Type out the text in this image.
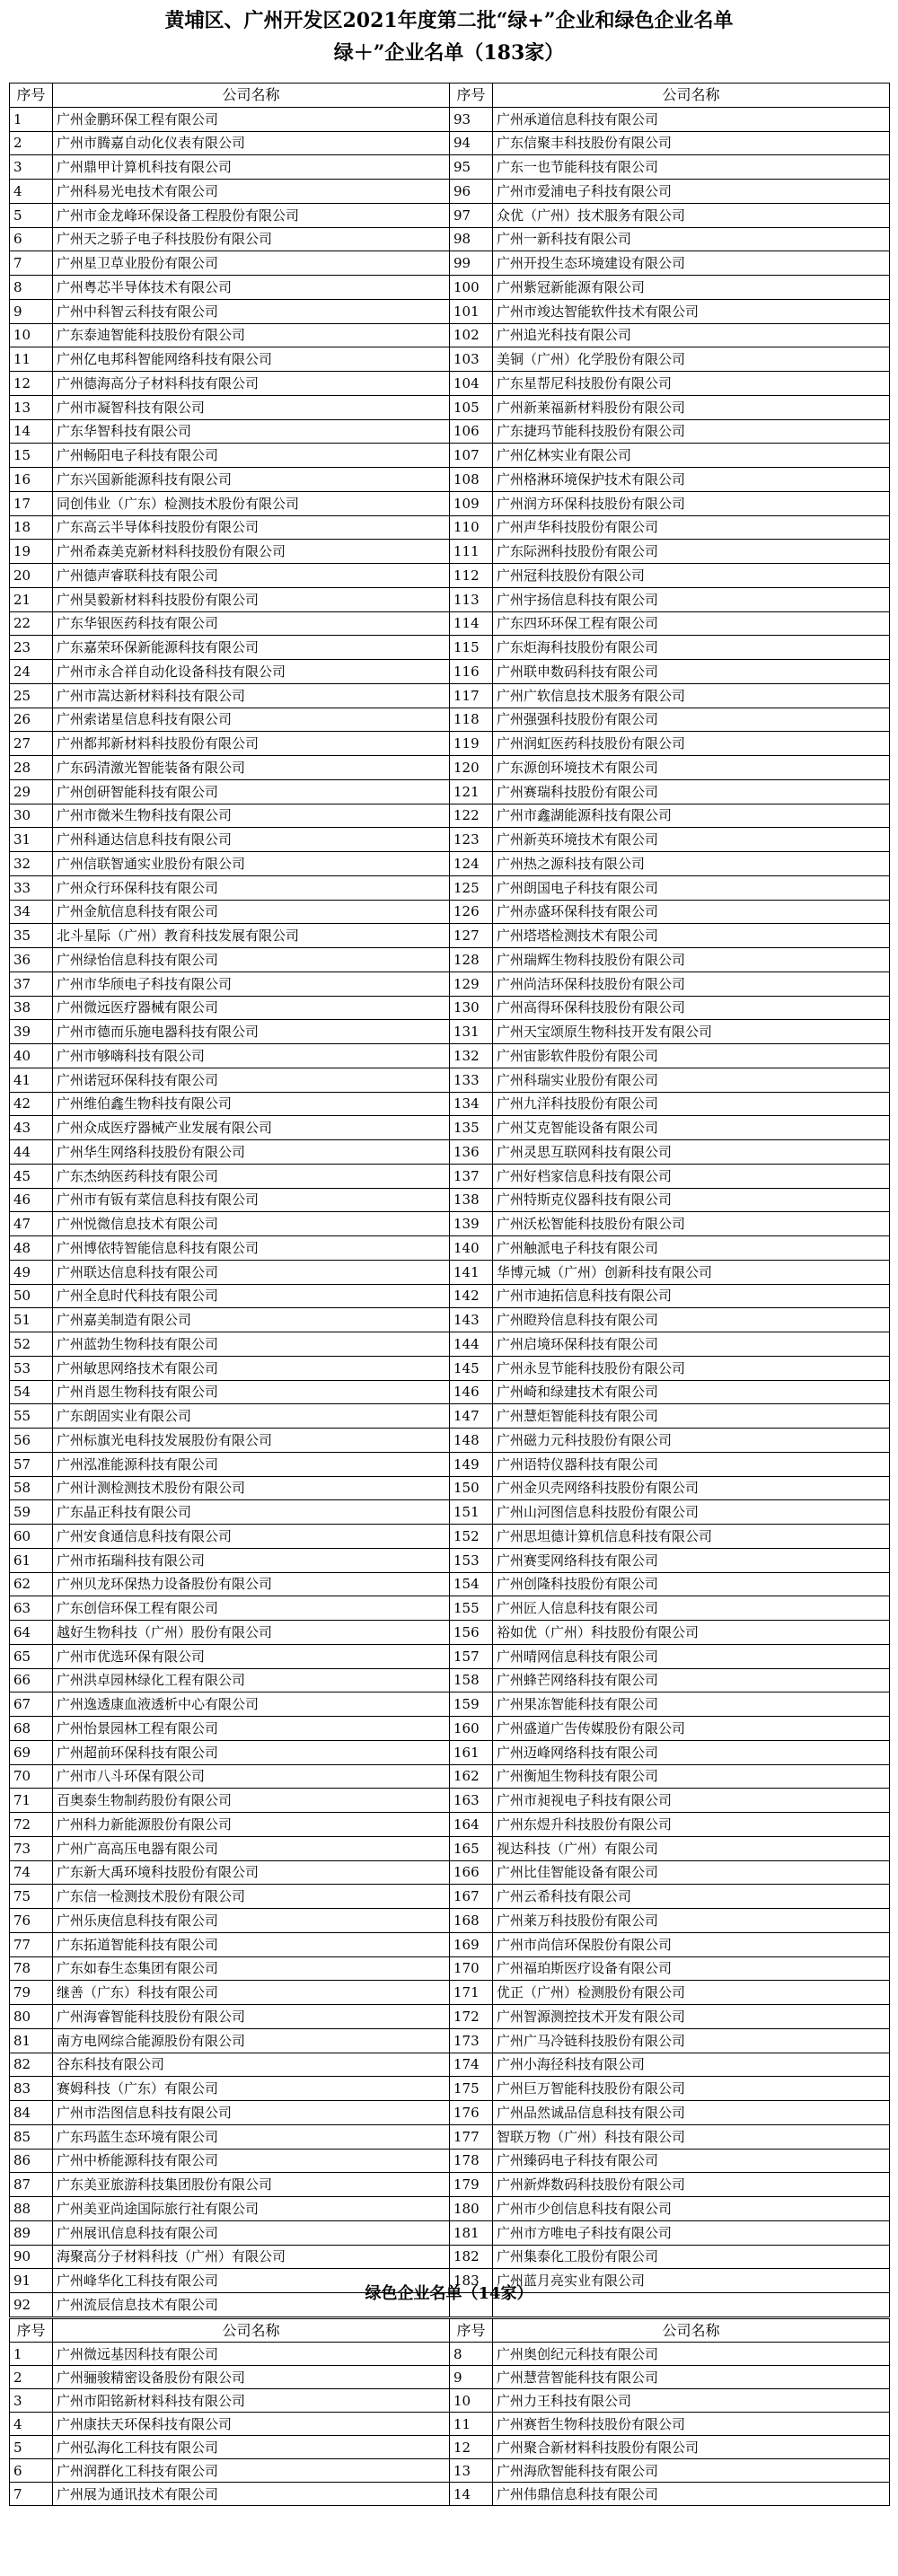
黄埔区、广州开发区2021年度第二批“绿+”企业和绿色企业名单
绿＋”企业名单（183家）
序号	公司名称	序号	公司名称
1	广州金鹏环保工程有限公司	93	广州承道信息科技有限公司
2	广州市腾嘉自动化仪表有限公司	94	广东信聚丰科技股份有限公司
3	广州鼎甲计算机科技有限公司	95	广东一也节能科技有限公司
4	广州科易光电技术有限公司	96	广州市爱浦电子科技有限公司
5	广州市金龙峰环保设备工程股份有限公司	97	众优（广州）技术服务有限公司
6	广州天之骄子电子科技股份有限公司	98	广州一新科技有限公司
7	广州星卫草业股份有限公司	99	广州开投生态环境建设有限公司
8	广州粤芯半导体技术有限公司	100	广州紫冠新能源有限公司
9	广州中科智云科技有限公司	101	广州市竣达智能软件技术有限公司
10	广东泰迪智能科技股份有限公司	102	广州追光科技有限公司
11	广州亿电邦科智能网络科技有限公司	103	美铜（广州）化学股份有限公司
12	广州德海高分子材料科技有限公司	104	广东星帮尼科技股份有限公司
13	广州市凝智科技有限公司	105	广州新莱福新材料股份有限公司
14	广东华智科技有限公司	106	广东捷玛节能科技股份有限公司
15	广州畅阳电子科技有限公司	107	广州亿林实业有限公司
16	广东兴国新能源科技有限公司	108	广州格淋环境保护技术有限公司
17	同创伟业（广东）检测技术股份有限公司	109	广州润方环保科技股份有限公司
18	广东高云半导体科技股份有限公司	110	广州声华科技股份有限公司
19	广州希森美克新材料科技股份有限公司	111	广东际洲科技股份有限公司
20	广州德声睿联科技有限公司	112	广州冠科技股份有限公司
21	广州昊毅新材料科技股份有限公司	113	广州宇扬信息科技有限公司
22	广东华银医药科技有限公司	114	广东四环环保工程有限公司
23	广东嘉荣环保新能源科技有限公司	115	广东炬海科技股份有限公司
24	广州市永合祥自动化设备科技有限公司	116	广州联申数码科技有限公司
25	广州市嵩达新材料科技有限公司	117	广州广软信息技术服务有限公司
26	广州索诺星信息科技有限公司	118	广州强强科技股份有限公司
27	广州都邦新材料科技股份有限公司	119	广州润虹医药科技股份有限公司
28	广东码清激光智能装备有限公司	120	广东源创环境技术有限公司
29	广州创研智能科技有限公司	121	广州赛瑞科技股份有限公司
30	广州市微米生物科技有限公司	122	广州市鑫湖能源科技有限公司
31	广州科通达信息科技有限公司	123	广州新英环境技术有限公司
32	广州信联智通实业股份有限公司	124	广州热之源科技有限公司
33	广州众行环保科技有限公司	125	广州朗国电子科技有限公司
34	广州金航信息科技有限公司	126	广州赤盛环保科技有限公司
35	北斗星际（广州）教育科技发展有限公司	127	广州塔塔检测技术有限公司
36	广州绿怡信息科技有限公司	128	广州瑞辉生物科技股份有限公司
37	广州市华颀电子科技有限公司	129	广州尚洁环保科技股份有限公司
38	广州微远医疗器械有限公司	130	广州高得环保科技股份有限公司
39	广州市德而乐施电器科技有限公司	131	广州天宝颂原生物科技开发有限公司
40	广州市够嗨科技有限公司	132	广州宙影软件股份有限公司
41	广州诺冠环保科技有限公司	133	广州科瑞实业股份有限公司
42	广州维伯鑫生物科技有限公司	134	广州九洋科技股份有限公司
43	广州众成医疗器械产业发展有限公司	135	广州艾克智能设备有限公司
44	广州华生网络科技股份有限公司	136	广州灵思互联网科技有限公司
45	广东杰纳医药科技有限公司	137	广州好档家信息科技有限公司
46	广州市有钣有菜信息科技有限公司	138	广州特斯克仪器科技有限公司
47	广州悦微信息技术有限公司	139	广州沃松智能科技股份有限公司
48	广州博依特智能信息科技有限公司	140	广州触派电子科技有限公司
49	广州联达信息科技有限公司	141	华博元城（广州）创新科技有限公司
50	广州全息时代科技有限公司	142	广州市迪拓信息科技有限公司
51	广州嘉美制造有限公司	143	广州瞪羚信息科技有限公司
52	广州蓝勃生物科技有限公司	144	广州启境环保科技有限公司
53	广州敏思网络技术有限公司	145	广州永昱节能科技股份有限公司
54	广州肖恩生物科技有限公司	146	广州崎和绿建技术有限公司
55	广东朗固实业有限公司	147	广州慧炬智能科技有限公司
56	广州标旗光电科技发展股份有限公司	148	广州磁力元科技股份有限公司
57	广州泓准能源科技有限公司	149	广州语特仪器科技有限公司
58	广州计测检测技术股份有限公司	150	广州金贝壳网络科技股份有限公司
59	广东晶正科技有限公司	151	广州山河图信息科技股份有限公司
60	广州安食通信息科技有限公司	152	广州思坦德计算机信息科技有限公司
61	广州市拓瑞科技有限公司	153	广州赛雯网络科技有限公司
62	广州贝龙环保热力设备股份有限公司	154	广州创隆科技股份有限公司
63	广东创信环保工程有限公司	155	广州匠人信息科技有限公司
64	越好生物科技（广州）股份有限公司	156	裕如优（广州）科技股份有限公司
65	广州市优选环保有限公司	157	广州晴网信息科技有限公司
66	广州洪卓园林绿化工程有限公司	158	广州蜂芒网络科技有限公司
67	广州逸透康血液透析中心有限公司	159	广州果冻智能科技有限公司
68	广州怡景园林工程有限公司	160	广州盛道广告传媒股份有限公司
69	广州超前环保科技有限公司	161	广州迈峰网络科技有限公司
70	广州市八斗环保有限公司	162	广州衡旭生物科技有限公司
71	百奥泰生物制药股份有限公司	163	广州市昶视电子科技有限公司
72	广州科力新能源股份有限公司	164	广州东煜升科技股份有限公司
73	广州广高高压电器有限公司	165	视达科技（广州）有限公司
74	广东新大禹环境科技股份有限公司	166	广州比佳智能设备有限公司
75	广东信一检测技术股份有限公司	167	广州云希科技有限公司
76	广州乐庚信息科技有限公司	168	广州莱万科技股份有限公司
77	广东拓道智能科技有限公司	169	广州市尚信环保股份有限公司
78	广东如春生态集团有限公司	170	广州福珀斯医疗设备有限公司
79	继善（广东）科技有限公司	171	优正（广州）检测股份有限公司
80	广州海睿智能科技股份有限公司	172	广州智源测控技术开发有限公司
81	南方电网综合能源股份有限公司	173	广州广马冷链科技股份有限公司
82	谷东科技有限公司	174	广州小海径科技有限公司
83	赛姆科技（广东）有限公司	175	广州巨万智能科技股份有限公司
84	广州市浩图信息科技有限公司	176	广州品然诚品信息科技有限公司
85	广东玛蓝生态环境有限公司	177	智联万物（广州）科技有限公司
86	广州中桥能源科技有限公司	178	广州臻码电子科技有限公司
87	广东美亚旅游科技集团股份有限公司	179	广州新烨数码科技股份有限公司
88	广州美亚尚途国际旅行社有限公司	180	广州市少创信息科技有限公司
89	广州展讯信息科技有限公司	181	广州市方唯电子科技有限公司
90	海聚高分子材料科技（广州）有限公司	182	广州集泰化工股份有限公司
91	广州峰华化工科技有限公司	183	广州蓝月亮实业有限公司
92	广州流辰信息技术有限公司		
绿色企业名单（14家）
序号	公司名称	序号	公司名称
1	广州微远基因科技有限公司	8	广州奥创纪元科技有限公司
2	广州骊骏精密设备股份有限公司	9	广州慧营智能科技有限公司
3	广州市阳铭新材料科技有限公司	10	广州力王科技有限公司
4	广州康扶天环保科技有限公司	11	广州赛哲生物科技股份有限公司
5	广州弘海化工科技有限公司	12	广州聚合新材料科技股份有限公司
6	广州润群化工科技有限公司	13	广州海欣智能科技有限公司
7	广州展为通讯技术有限公司	14	广州伟鼎信息科技有限公司
